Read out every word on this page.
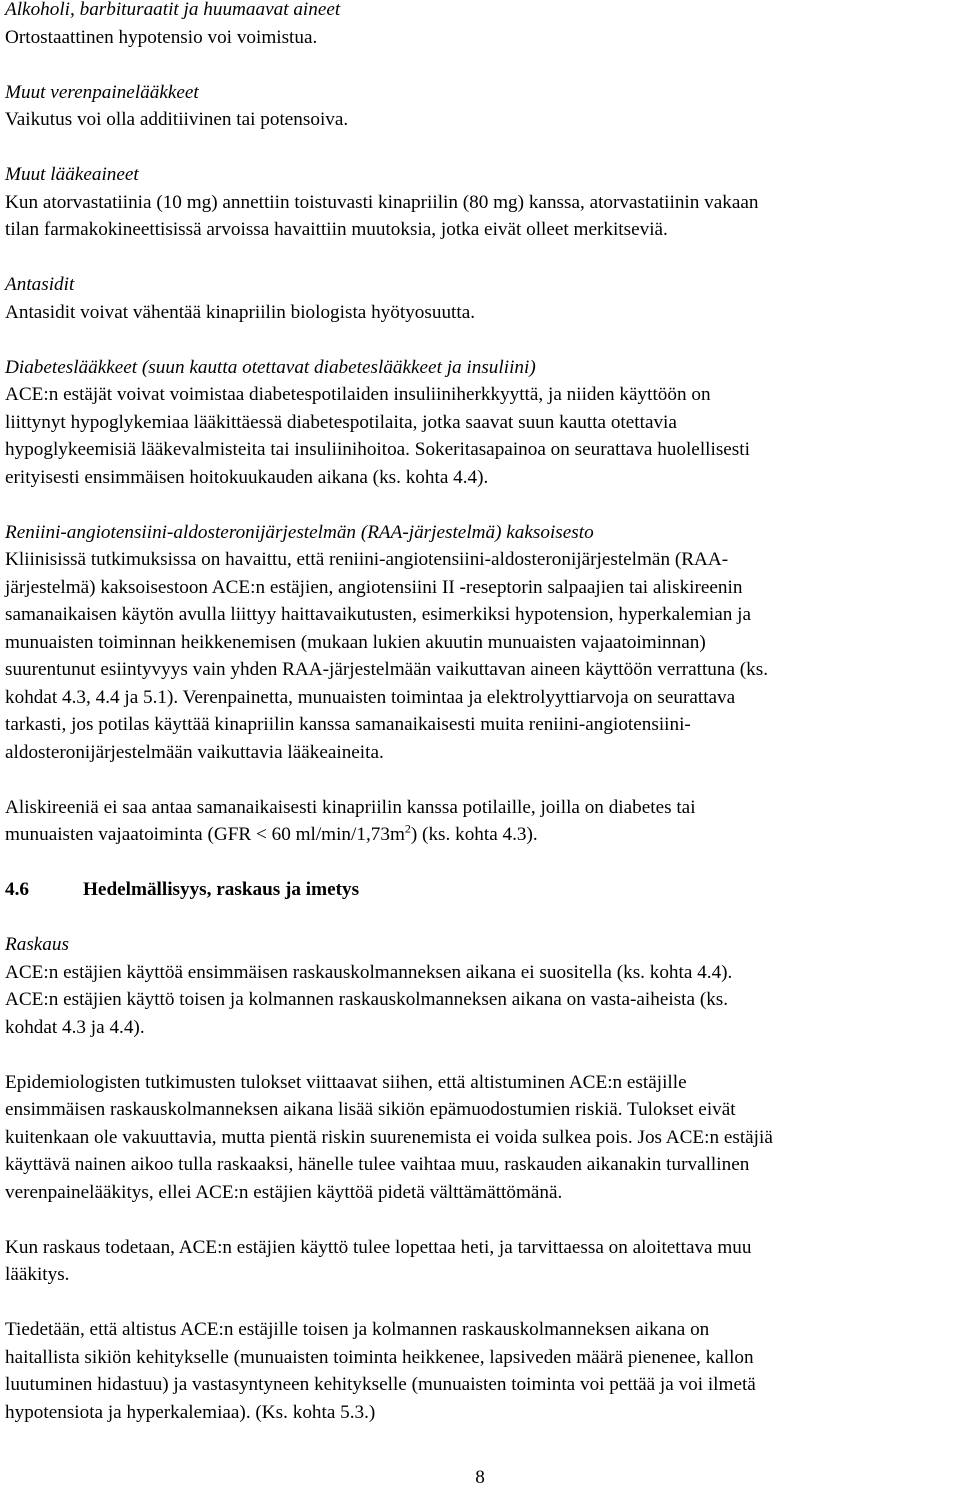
Alkoholi, barbituraatit ja huumaavat aineet
Ortostaattinen hypotensio voi voimistua.
Muut verenpainelääkkeet
Vaikutus voi olla additiivinen tai potensoiva.
Muut lääkeaineet
Kun atorvastatiinia (10 mg) annettiin toistuvasti kinapriilin (80 mg) kanssa, atorvastatiinin vakaan
tilan farmakokineettisissä arvoissa havaittiin muutoksia, jotka eivät olleet merkitseviä.
Antasidit
Antasidit voivat vähentää kinapriilin biologista hyötyosuutta.
Diabeteslääkkeet (suun kautta otettavat diabeteslääkkeet ja insuliini)
ACE:n estäjät voivat voimistaa diabetespotilaiden insuliiniherkkyyttä, ja niiden käyttöön on
liittynyt hypoglykemiaa lääkittäessä diabetespotilaita, jotka saavat suun kautta otettavia
hypoglykeemisiä lääkevalmisteita tai insuliinihoitoa. Sokeritasapainoa on seurattava huolellisesti
erityisesti ensimmäisen hoitokuukauden aikana (ks. kohta 4.4).
Reniini-angiotensiini-aldosteronijärjestelmän (RAA-järjestelmä) kaksoisesto
Kliinisissä tutkimuksissa on havaittu, että reniini-angiotensiini-aldosteronijärjestelmän (RAA-
järjestelmä) kaksoisestoon ACE:n estäjien, angiotensiini II -reseptorin salpaajien tai aliskireenin
samanaikaisen käytön avulla liittyy haittavaikutusten, esimerkiksi hypotension, hyperkalemian ja
munuaisten toiminnan heikkenemisen (mukaan lukien akuutin munuaisten vajaatoiminnan)
suurentunut esiintyvyys vain yhden RAA-järjestelmään vaikuttavan aineen käyttöön verrattuna (ks.
kohdat 4.3, 4.4 ja 5.1). Verenpainetta, munuaisten toimintaa ja elektrolyyttiarvoja on seurattava
tarkasti, jos potilas käyttää kinapriilin kanssa samanaikaisesti muita reniini-angiotensiini-
aldosteronijärjestelmään vaikuttavia lääkeaineita.
Aliskireeniä ei saa antaa samanaikaisesti kinapriilin kanssa potilaille, joilla on diabetes tai
munuaisten vajaatoiminta (GFR < 60 $ml/\min/1,73m^2$) (ks. kohta 4.3).
4.6	Hedelmällisyys, raskaus ja imetys
Raskaus
ACE:n estäjien käyttöä ensimmäisen raskauskolmanneksen aikana ei suositella (ks. kohta 4.4).
ACE:n estäjien käyttö toisen ja kolmannen raskauskolmanneksen aikana on vasta-aiheista (ks.
kohdat 4.3 ja 4.4).
Epidemiologisten tutkimusten tulokset viittaavat siihen, että altistuminen ACE:n estäjille
ensimmäisen raskauskolmanneksen aikana lisää sikiön epämuodostumien riskiä. Tulokset eivät
kuitenkaan ole vakuuttavia, mutta pientä riskin suurenemista ei voida sulkea pois. Jos ACE:n estäjiä
käyttävä nainen aikoo tulla raskaaksi, hänelle tulee vaihtaa muu, raskauden aikanakin turvallinen
verenpainelääkitys, ellei ACE:n estäjien käyttöä pidetä välttämättömänä.
Kun raskaus todetaan, ACE:n estäjien käyttö tulee lopettaa heti, ja tarvittaessa on aloitettava muu
lääkitys.
Tiedetään, että altistus ACE:n estäjille toisen ja kolmannen raskauskolmanneksen aikana on
haitallista sikiön kehitykselle (munuaisten toiminta heikkenee, lapsiveden määrä pienenee, kallon
luutuminen hidastuu) ja vastasyntyneen kehitykselle (munuaisten toiminta voi pettää ja voi ilmetä
hypotensiota ja hyperkalemiaa). (Ks. kohta 5.3.)
8
